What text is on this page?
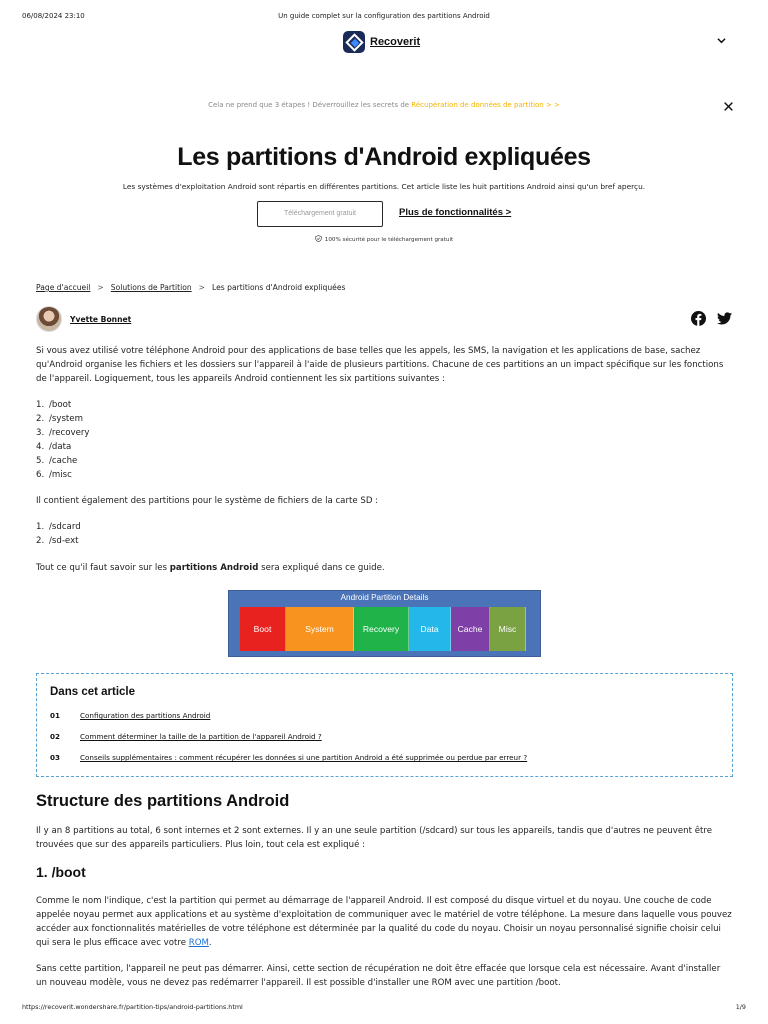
06/08/2024 23:10	Un guide complet sur la configuration des partitions Android
Recoverit
Cela ne prend que 3 étapes ! Déverrouillez les secrets de Récupération de données de partition > >
Les partitions d'Android expliquées

Les systèmes d'exploitation Android sont répartis en différentes partitions. Cet article liste les huit partitions Android ainsi qu'un bref aperçu.

Téléchargement gratuit	Plus de fonctionnalités >
100% sécurité pour le téléchargement gratuit
Page d'accueil > Solutions de Partition > Les partitions d'Android expliquées
Yvette Bonnet

Si vous avez utilisé votre téléphone Android pour des applications de base telles que les appels, les SMS, la navigation et les applications de base, sachez qu'Android organise les fichiers et les dossiers sur l'appareil à l'aide de plusieurs partitions. Chacune de ces partitions an un impact spécifique sur les fonctions de l'appareil. Logiquement, tous les appareils Android contiennent les six partitions suivantes :

1. /boot
2. /system
3. /recovery
4. /data
5. /cache
6. /misc

Il contient également des partitions pour le système de fichiers de la carte SD :

1. /sdcard
2. /sd-ext

Tout ce qu'il faut savoir sur les partitions Android sera expliqué dans ce guide.

Android Partition Details
Boot	System	Recovery	Data	Cache	Misc
Dans cet article
01	Configuration des partitions Android
02	Comment déterminer la taille de la partition de l'appareil Android ?
03	Conseils supplémentaires : comment récupérer les données si une partition Android a été supprimée ou perdue par erreur ?
Structure des partitions Android

Il y an 8 partitions au total, 6 sont internes et 2 sont externes. Il y an une seule partition (/sdcard) sur tous les appareils, tandis que d'autres ne peuvent être trouvées que sur des appareils particuliers. Plus loin, tout cela est expliqué :

1. /boot

Comme le nom l'indique, c'est la partition qui permet au démarrage de l'appareil Android. Il est composé du disque virtuel et du noyau. Une couche de code appelée noyau permet aux applications et au système d'exploitation de communiquer avec le matériel de votre téléphone. La mesure dans laquelle vous pouvez accéder aux fonctionnalités matérielles de votre téléphone est déterminée par la qualité du code du noyau. Choisir un noyau personnalisé signifie choisir celui qui sera le plus efficace avec votre ROM.

Sans cette partition, l'appareil ne peut pas démarrer. Ainsi, cette section de récupération ne doit être effacée que lorsque cela est nécessaire. Avant d'installer un nouveau modèle, vous ne devez pas redémarrer l'appareil. Il est possible d'installer une ROM avec une partition /boot.

https://recoverit.wondershare.fr/partition-tips/android-partitions.html	1/9
